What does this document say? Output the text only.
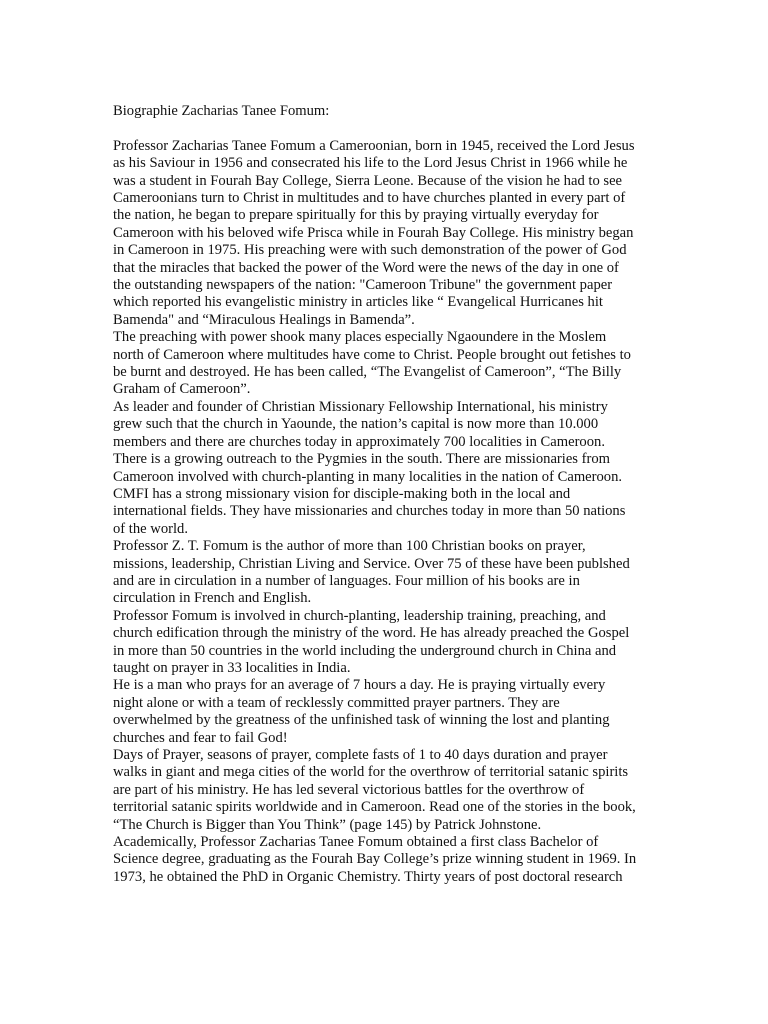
Biographie Zacharias Tanee Fomum:

Professor Zacharias Tanee Fomum a Cameroonian, born in 1945, received the Lord Jesus
as his Saviour in 1956 and consecrated his life to the Lord Jesus Christ in 1966 while he
was a student in Fourah Bay College, Sierra Leone. Because of the vision he had to see
Cameroonians turn to Christ in multitudes and to have churches planted in every part of
the nation, he began to prepare spiritually for this by praying virtually everyday for
Cameroon with his beloved wife Prisca while in Fourah Bay College. His ministry began
in Cameroon in 1975. His preaching were with such demonstration of the power of God
that the miracles that backed the power of the Word were the news of the day in one of
the outstanding newspapers of the nation: "Cameroon Tribune" the government paper
which reported his evangelistic ministry in articles like “ Evangelical Hurricanes hit
Bamenda" and “Miraculous Healings in Bamenda”.

The preaching with power shook many places especially Ngaoundere in the Moslem
north of Cameroon where multitudes have come to Christ. People brought out fetishes to
be burnt and destroyed. He has been called, “The Evangelist of Cameroon”, “The Billy
Graham of Cameroon”.

As leader and founder of Christian Missionary Fellowship International, his ministry
grew such that the church in Yaounde, the nation’s capital is now more than 10.000
members and there are churches today in approximately 700 localities in Cameroon.
There is a growing outreach to the Pygmies in the south. There are missionaries from
Cameroon involved with church-planting in many localities in the nation of Cameroon.
CMFI has a strong missionary vision for disciple-making both in the local and
international fields. They have missionaries and churches today in more than 50 nations
of the world.

Professor Z. T. Fomum is the author of more than 100 Christian books on prayer,
missions, leadership, Christian Living and Service. Over 75 of these have been publshed
and are in circulation in a number of languages. Four million of his books are in
circulation in French and English.

Professor Fomum is involved in church-planting, leadership training, preaching, and
church edification through the ministry of the word. He has already preached the Gospel
in more than 50 countries in the world including the underground church in China and
taught on prayer in 33 localities in India.

He is a man who prays for an average of 7 hours a day. He is praying virtually every
night alone or with a team of recklessly committed prayer partners. They are
overwhelmed by the greatness of the unfinished task of winning the lost and planting
churches and fear to fail God!

Days of Prayer, seasons of prayer, complete fasts of 1 to 40 days duration and prayer
walks in giant and mega cities of the world for the overthrow of territorial satanic spirits
are part of his ministry. He has led several victorious battles for the overthrow of
territorial satanic spirits worldwide and in Cameroon. Read one of the stories in the book,
“The Church is Bigger than You Think” (page 145) by Patrick Johnstone.

Academically, Professor Zacharias Tanee Fomum obtained a first class Bachelor of
Science degree, graduating as the Fourah Bay College’s prize winning student in 1969. In
1973, he obtained the PhD in Organic Chemistry. Thirty years of post doctoral research
